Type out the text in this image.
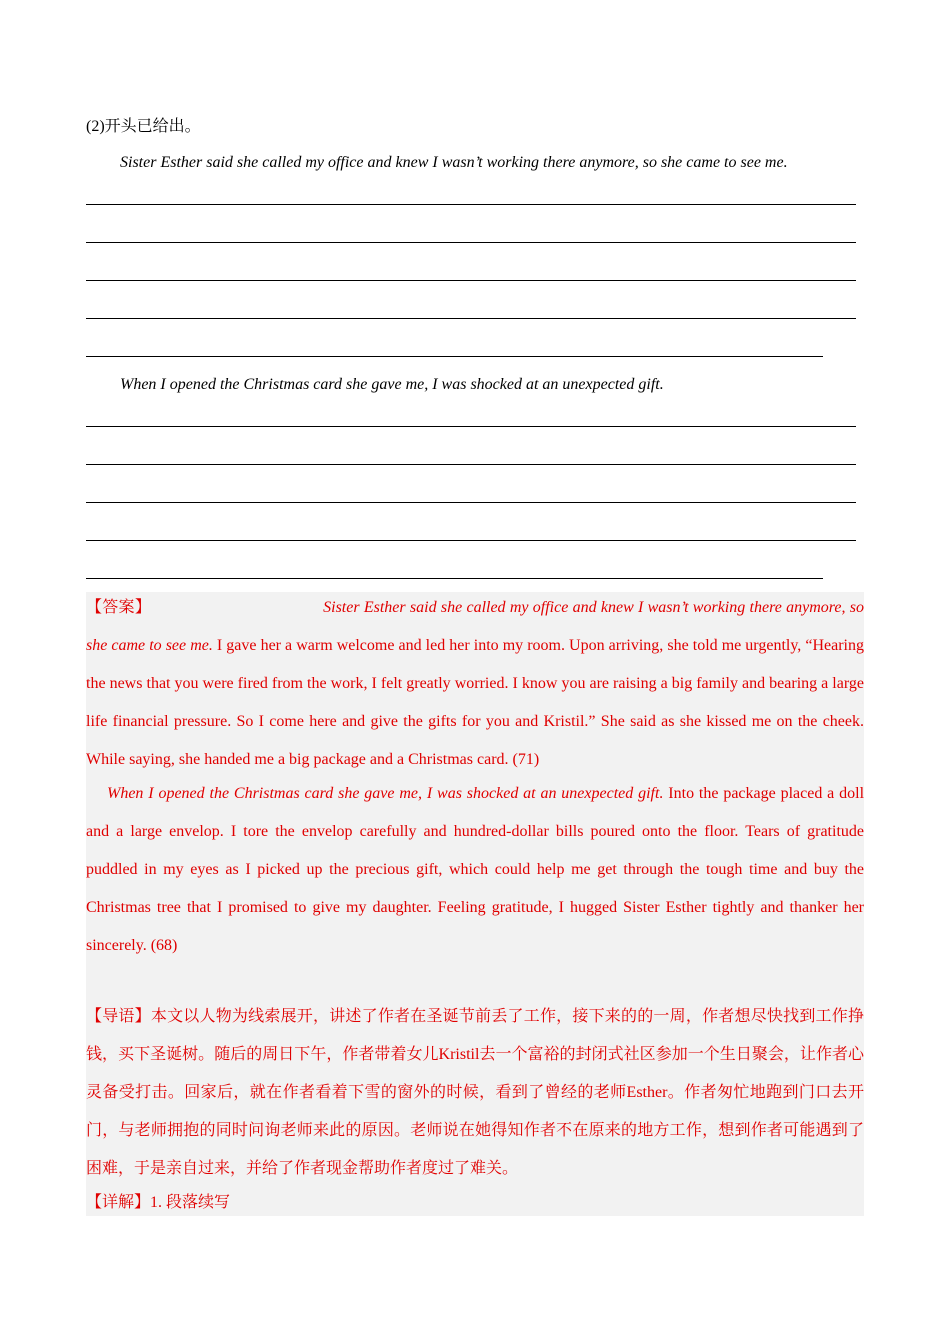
(2)开头已给出。
Sister Esther said she called my office and knew I wasn’t working there anymore, so she came to see me.
When I opened the Christmas card she gave me, I was shocked at an unexpected gift.

【答案】	Sister Esther said she called my office and knew I wasn’t working there anymore, so she came to see me. I gave her a warm welcome and led her into my room. Upon arriving, she told me urgently, “Hearing the news that you were fired from the work, I felt greatly worried. I know you are raising a big family and bearing a large life financial pressure. So I come here and give the gifts for you and Kristil.” She said as she kissed me on the cheek. While saying, she handed me a big package and a Christmas card. (71)

When I opened the Christmas card she gave me, I was shocked at an unexpected gift. Into the package placed a doll and a large envelop. I tore the envelop carefully and hundred-dollar bills poured onto the floor. Tears of gratitude puddled in my eyes as I picked up the precious gift, which could help me get through the tough time and buy the Christmas tree that I promised to give my daughter. Feeling gratitude, I hugged Sister Esther tightly and thanker her sincerely. (68)

【导语】本文以人物为线索展开，讲述了作者在圣诞节前丢了工作，接下来的的一周，作者想尽快找到工作挣钱，买下圣诞树。随后的周日下午，作者带着女儿Kristil去一个富裕的封闭式社区参加一个生日聚会，让作者心灵备受打击。回家后，就在作者看着下雪的窗外的时候，看到了曾经的老师Esther。作者匆忙地跑到门口去开门，与老师拥抱的同时问询老师来此的原因。老师说在她得知作者不在原来的地方工作，想到作者可能遇到了困难，于是亲自过来，并给了作者现金帮助作者度过了难关。

【详解】1. 段落续写
